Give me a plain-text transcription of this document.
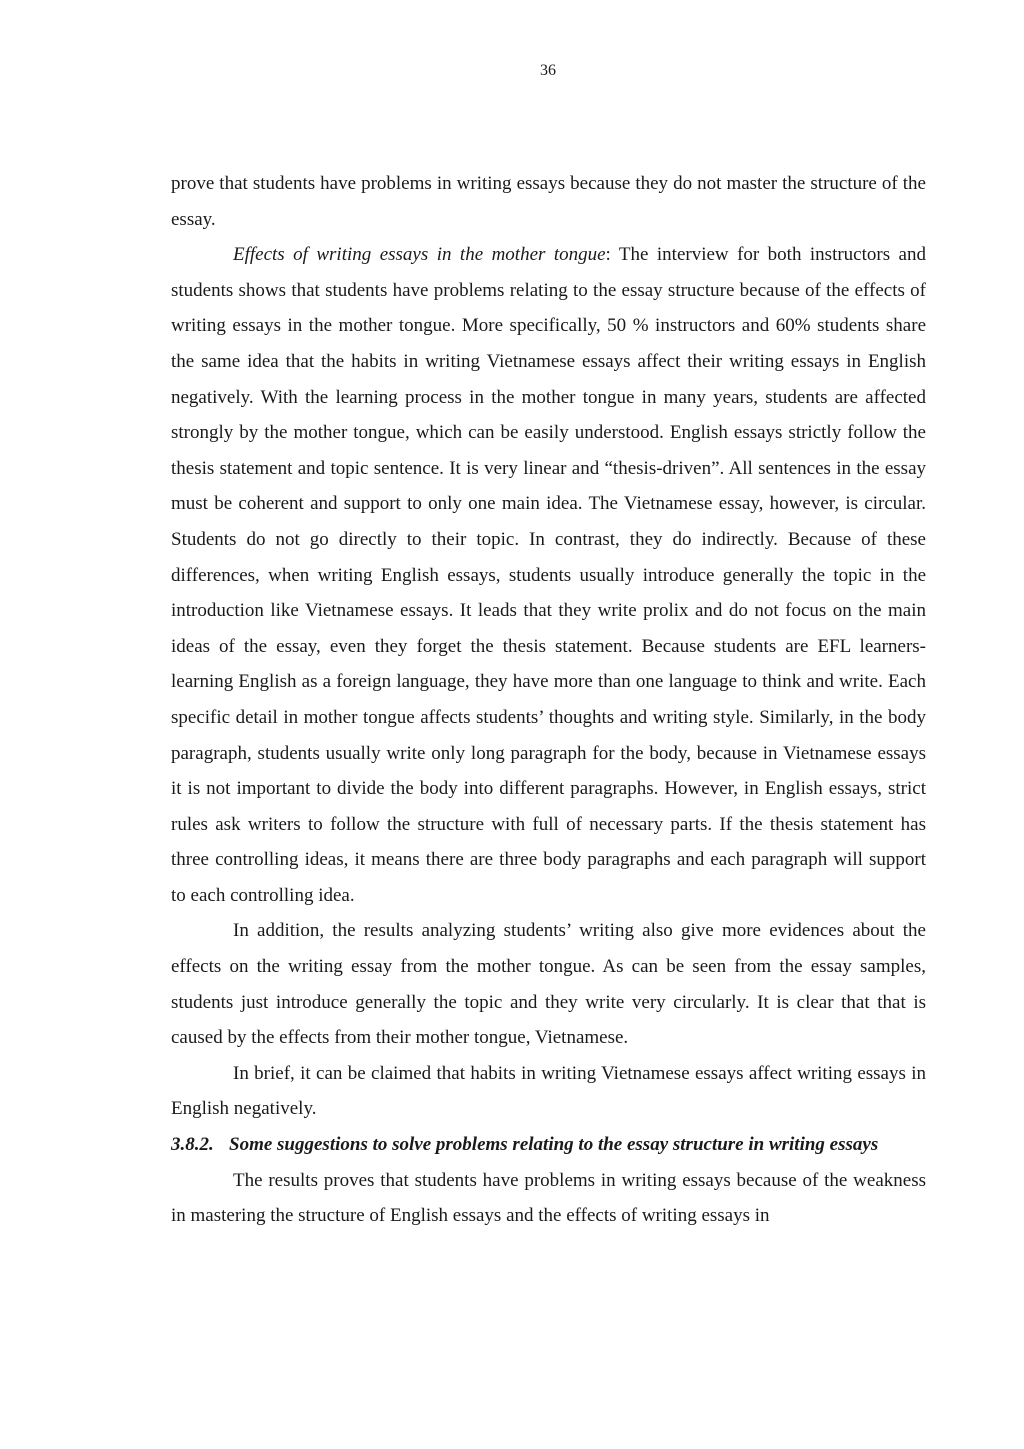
36

prove that students have problems in writing essays because they do not master the structure of the essay.

Effects of writing essays in the mother tongue: The interview for both instructors and students shows that students have problems relating to the essay structure because of the effects of writing essays in the mother tongue. More specifically, 50 % instructors and 60% students share the same idea that the habits in writing Vietnamese essays affect their writing essays in English negatively. With the learning process in the mother tongue in many years, students are affected strongly by the mother tongue, which can be easily understood. English essays strictly follow the thesis statement and topic sentence. It is very linear and “thesis-driven”. All sentences in the essay must be coherent and support to only one main idea. The Vietnamese essay, however, is circular. Students do not go directly to their topic. In contrast, they do indirectly. Because of these differences, when writing English essays, students usually introduce generally the topic in the introduction like Vietnamese essays. It leads that they write prolix and do not focus on the main ideas of the essay, even they forget the thesis statement. Because students are EFL learners-learning English as a foreign language, they have more than one language to think and write. Each specific detail in mother tongue affects students’ thoughts and writing style. Similarly, in the body paragraph, students usually write only long paragraph for the body, because in Vietnamese essays it is not important to divide the body into different paragraphs. However, in English essays, strict rules ask writers to follow the structure with full of necessary parts. If the thesis statement has three controlling ideas, it means there are three body paragraphs and each paragraph will support to each controlling idea.

In addition, the results analyzing students’ writing also give more evidences about the effects on the writing essay from the mother tongue. As can be seen from the essay samples, students just introduce generally the topic and they write very circularly. It is clear that that is caused by the effects from their mother tongue, Vietnamese.

In brief, it can be claimed that habits in writing Vietnamese essays affect writing essays in English negatively.

3.8.2. Some suggestions to solve problems relating to the essay structure in writing essays

The results proves that students have problems in writing essays because of the weakness in mastering the structure of English essays and the effects of writing essays in
